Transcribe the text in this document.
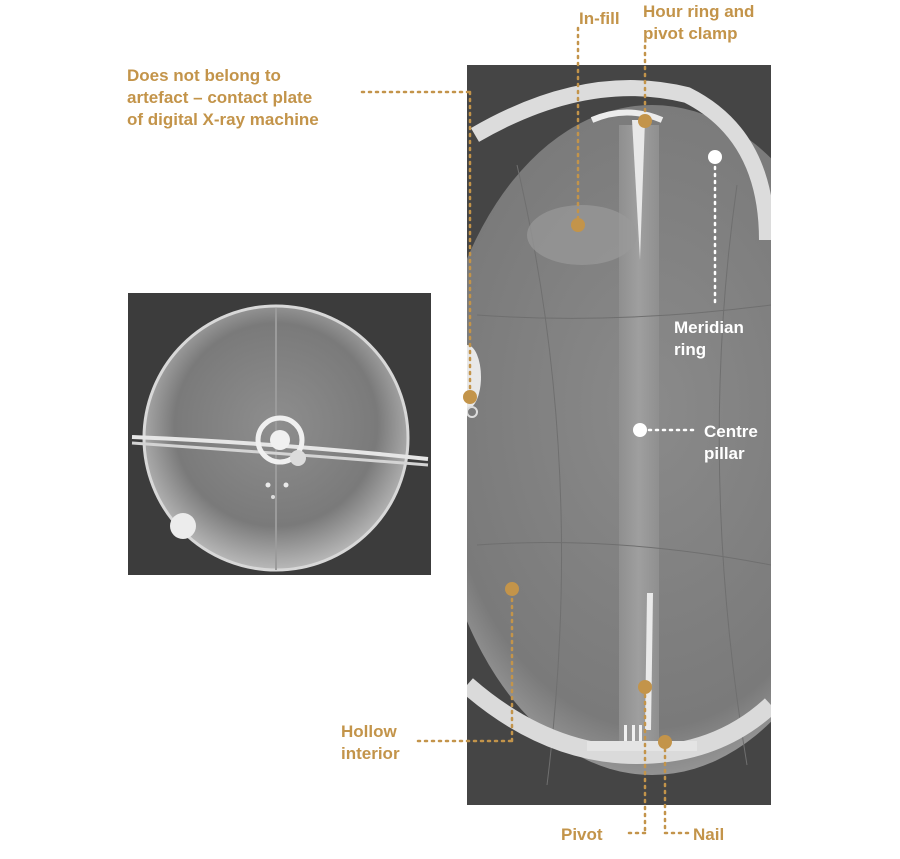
In-fill Hour ring and
pivot clamp
Does not belong to
artefact – contact plate
of digital X-ray machine
Meridian
ring
Centre
pillar
Hollow
interior
Pivot	Nail
